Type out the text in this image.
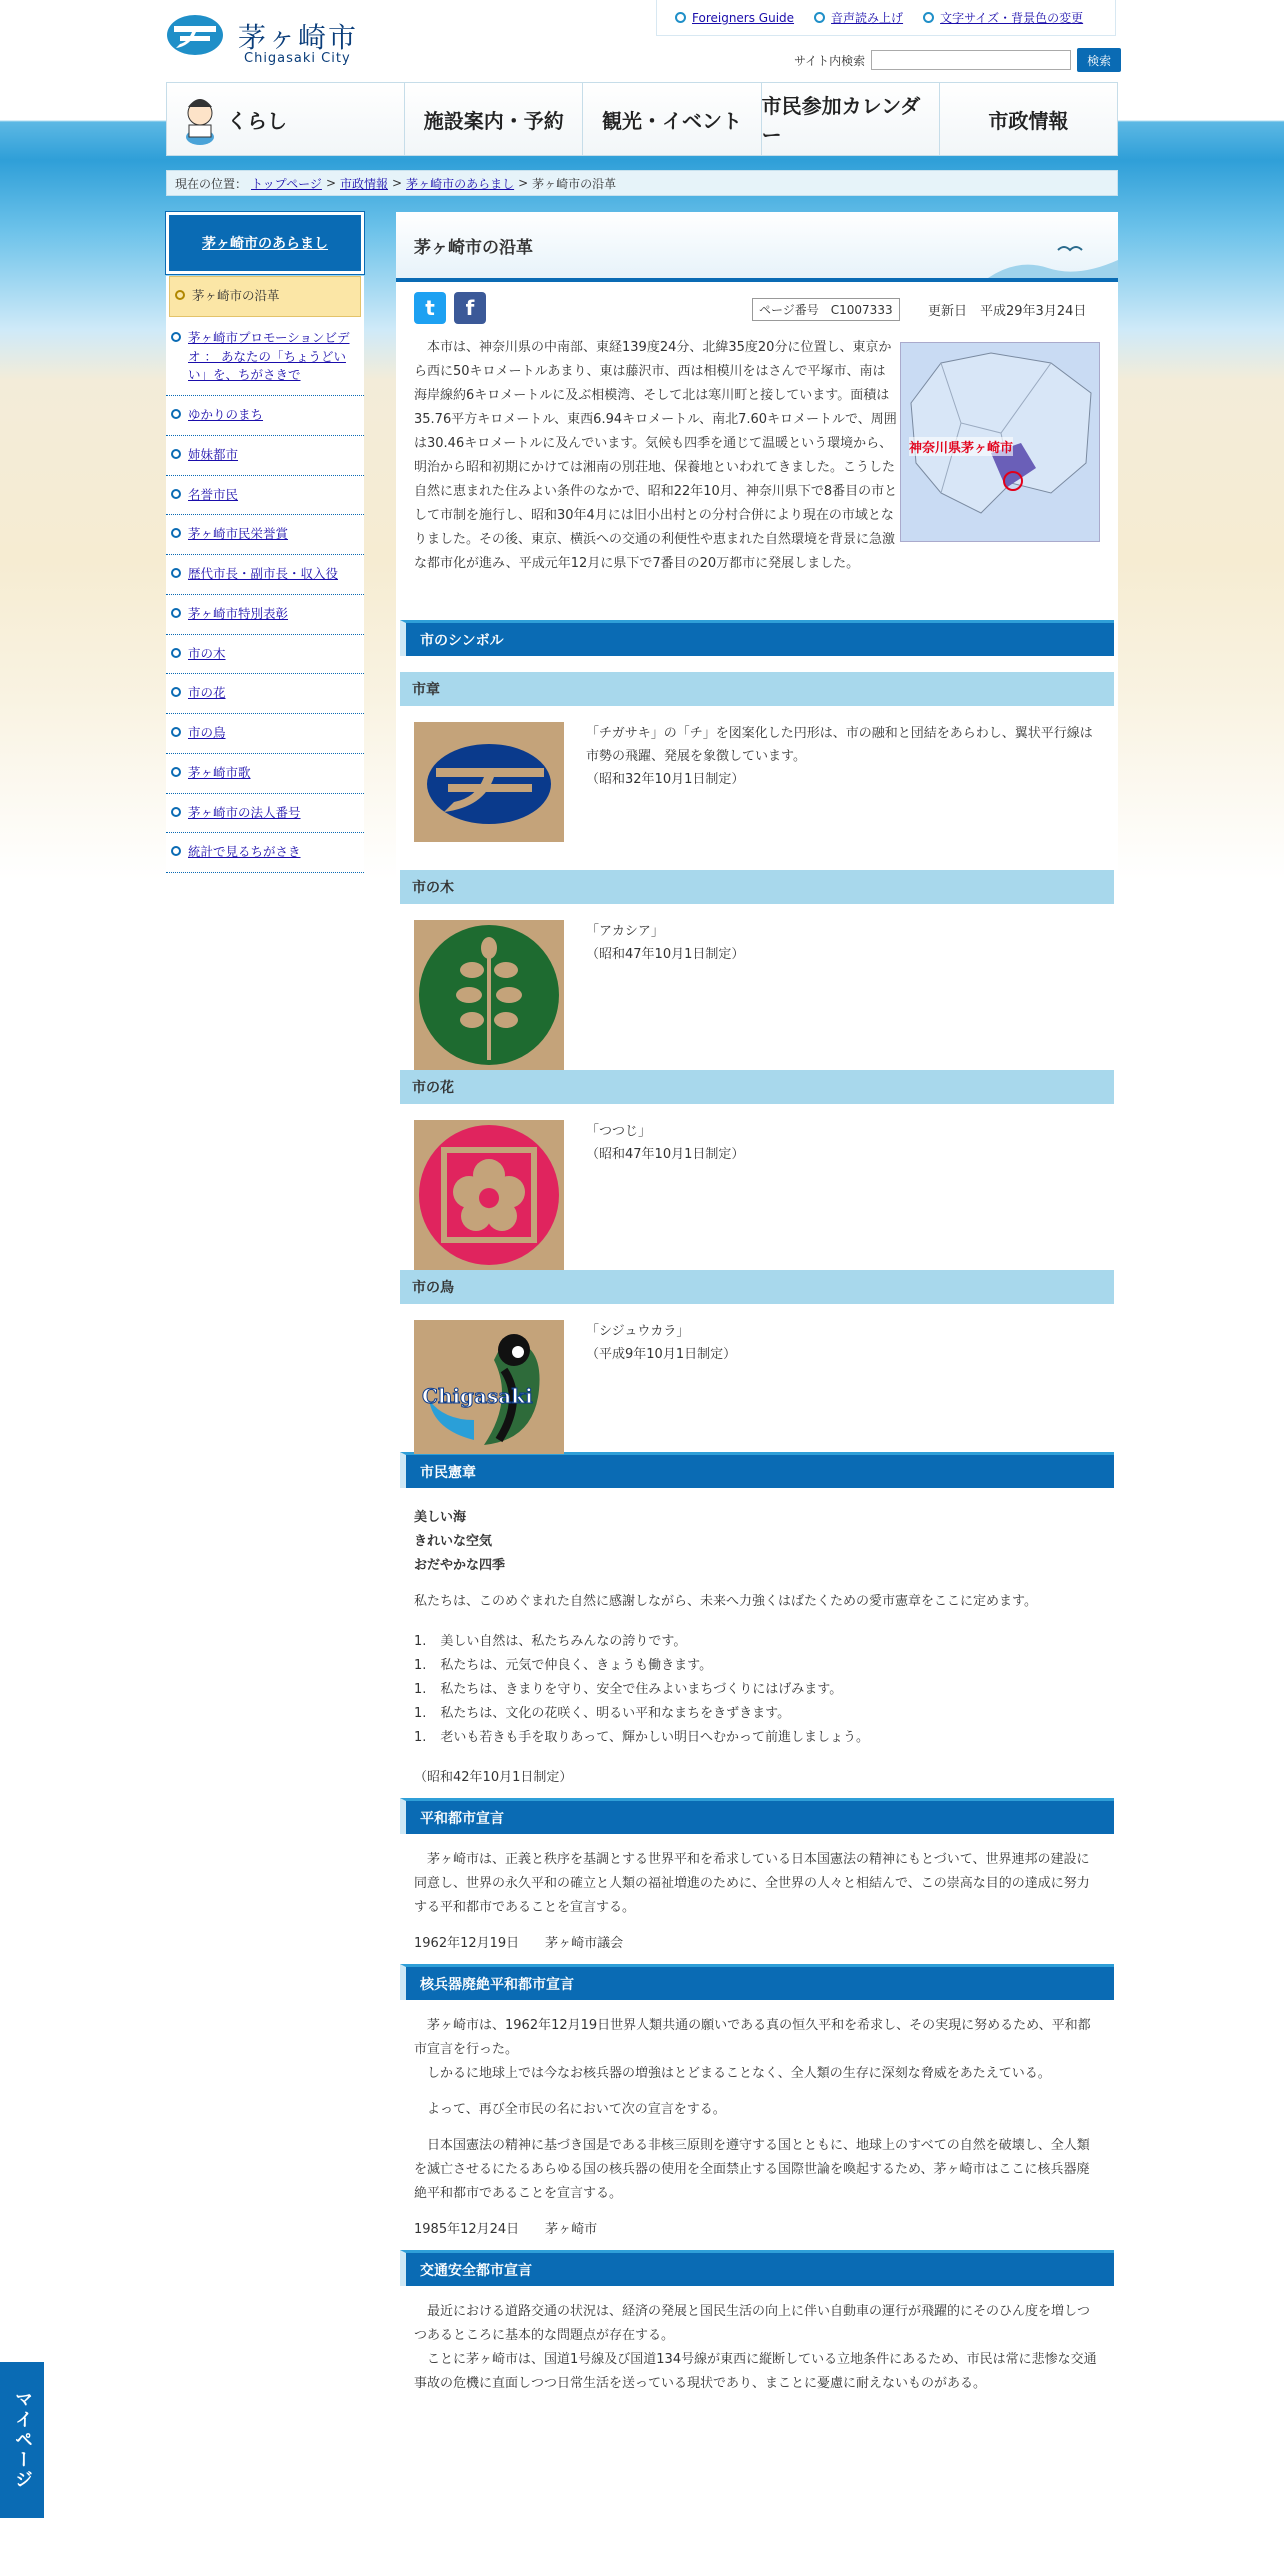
茅ヶ崎市
Chigasaki City
Foreigners Guide	音声読み上げ	文字サイズ・背景色の変更
サイト内検索	検索
くらし	施設案内・予約 観光・イベント
市民参加カレンダー
市政情報
現在の位置： トップページ > 市政情報 > 茅ヶ崎市のあらまし > 茅ヶ崎市の沿革
茅ヶ崎市のあらまし
茅ヶ崎市の沿革
茅ヶ崎市プロモーションビデオ ： あなたの「ちょうどいい」を、ちがさきで
ゆかりのまち
姉妹都市
名誉市民
茅ヶ崎市民栄誉賞
歴代市長・副市長・収入役
茅ヶ崎市特別表彰
市の木
市の花
市の鳥
茅ヶ崎市歌
茅ヶ崎市の法人番号
統計で見るちがさき
茅ヶ崎市の沿革
t	f	ページ番号　C1007333	更新日　平成29年3月24日

本市は、神奈川県の中南部、東経139度24分、北緯35度20分に位置し、東京から西に50キロメートルあまり、東は藤沢市、西は相模川をはさんで平塚市、南は海岸線約6キロメートルに及ぶ相模湾、そして北は寒川町と接しています。面積は35.76平方キロメートル、東西6.94キロメートル、南北7.60キロメートルで、周囲は30.46キロメートルに及んでいます。気候も四季を通じて温暖という環境から、明治から昭和初期にかけては湘南の別荘地、保養地といわれてきました。こうした自然に恵まれた住みよい条件のなかで、昭和22年10月、神奈川県下で8番目の市として市制を施行し、昭和30年4月には旧小出村との分村合併により現在の市域となりました。その後、東京、横浜への交通の利便性や恵まれた自然環境を背景に急激な都市化が進み、平成元年12月に県下で7番目の20万都市に発展しました。

神奈川県茅ヶ崎市
市のシンボル
市章

「チガサキ」の「チ」を図案化した円形は、市の融和と団結をあらわし、翼状平行線は市勢の飛躍、発展を象徴しています。

（昭和32年10月1日制定）

市の木

「アカシア」

（昭和47年10月1日制定）

市の花

「つつじ」

（昭和47年10月1日制定）

市の鳥
Chigasaki

「シジュウカラ」

（平成9年10月1日制定）

市民憲章

美しい海

きれいな空気

おだやかな四季

私たちは、このめぐまれた自然に感謝しながら、未来へ力強くはばたくための愛市憲章をここに定めます。

1. 美しい自然は、私たちみんなの誇りです。
1. 私たちは、元気で仲良く、きょうも働きます。
1. 私たちは、きまりを守り、安全で住みよいまちづくりにはげみます。
1. 私たちは、文化の花咲く、明るい平和なまちをきずきます。
1. 老いも若きも手を取りあって、輝かしい明日へむかって前進しましょう。

（昭和42年10月1日制定）

平和都市宣言

茅ヶ崎市は、正義と秩序を基調とする世界平和を希求している日本国憲法の精神にもとづいて、世界連邦の建設に同意し、世界の永久平和の確立と人類の福祉増進のために、全世界の人々と相結んで、この崇高な目的の達成に努力する平和都市であることを宣言する。

1962年12月19日　　茅ヶ崎市議会

核兵器廃絶平和都市宣言

茅ヶ崎市は、1962年12月19日世界人類共通の願いである真の恒久平和を希求し、その実現に努めるため、平和都市宣言を行った。

しかるに地球上では今なお核兵器の増強はとどまることなく、全人類の生存に深刻な脅威をあたえている。

よって、再び全市民の名において次の宣言をする。

日本国憲法の精神に基づき国是である非核三原則を遵守する国とともに、地球上のすべての自然を破壊し、全人類を滅亡させるにたるあらゆる国の核兵器の使用を全面禁止する国際世論を喚起するため、茅ヶ崎市はここに核兵器廃絶平和都市であることを宣言する。

1985年12月24日　　茅ヶ崎市

交通安全都市宣言

最近における道路交通の状況は、経済の発展と国民生活の向上に伴い自動車の運行が飛躍的にそのひん度を増しつつあるところに基本的な問題点が存在する。

ことに茅ヶ崎市は、国道1号線及び国道134号線が東西に縦断している立地条件にあるため、市民は常に悲惨な交通事故の危機に直面しつつ日常生活を送っている現状であり、まことに憂慮に耐えないものがある。

マイページ
